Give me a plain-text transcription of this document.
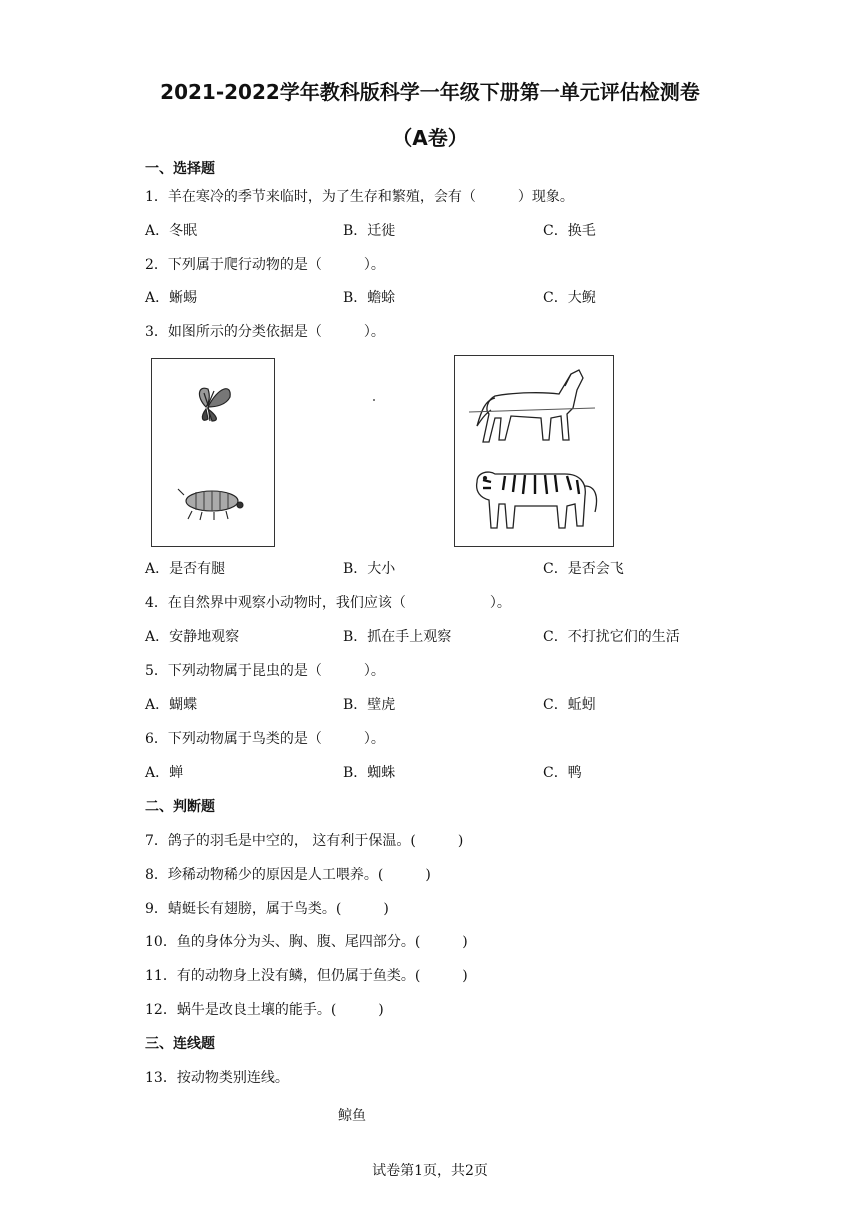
2021-2022学年教科版科学一年级下册第一单元评估检测卷
（A卷）
一、选择题
1．羊在寒冷的季节来临时，为了生存和繁殖，会有（　　　）现象。
A．冬眠	B．迁徙	C．换毛
2．下列属于爬行动物的是（　　　）。
A．蜥蜴	B．蟾蜍	C．大鲵
3．如图所示的分类依据是（　　　）。
A．是否有腿	B．大小	C．是否会飞
4．在自然界中观察小动物时，我们应该（　　　　　　）。
A．安静地观察	B．抓在手上观察	C．不打扰它们的生活
5．下列动物属于昆虫的是（　　　）。
A．蝴蝶	B．壁虎	C．蚯蚓
6．下列动物属于鸟类的是（　　　）。
A．蝉	B．蜘蛛	C．鸭
二、判断题
7．鸽子的羽毛是中空的， 这有利于保温。(　　　)
8．珍稀动物稀少的原因是人工喂养。(　　　)
9．蜻蜓长有翅膀，属于鸟类。(　　　)
10．鱼的身体分为头、胸、腹、尾四部分。(　　　)
11．有的动物身上没有鳞，但仍属于鱼类。(　　　)
12．蜗牛是改良土壤的能手。(　　　)
三、连线题
13．按动物类别连线。
鲸鱼
试卷第1页，共2页
